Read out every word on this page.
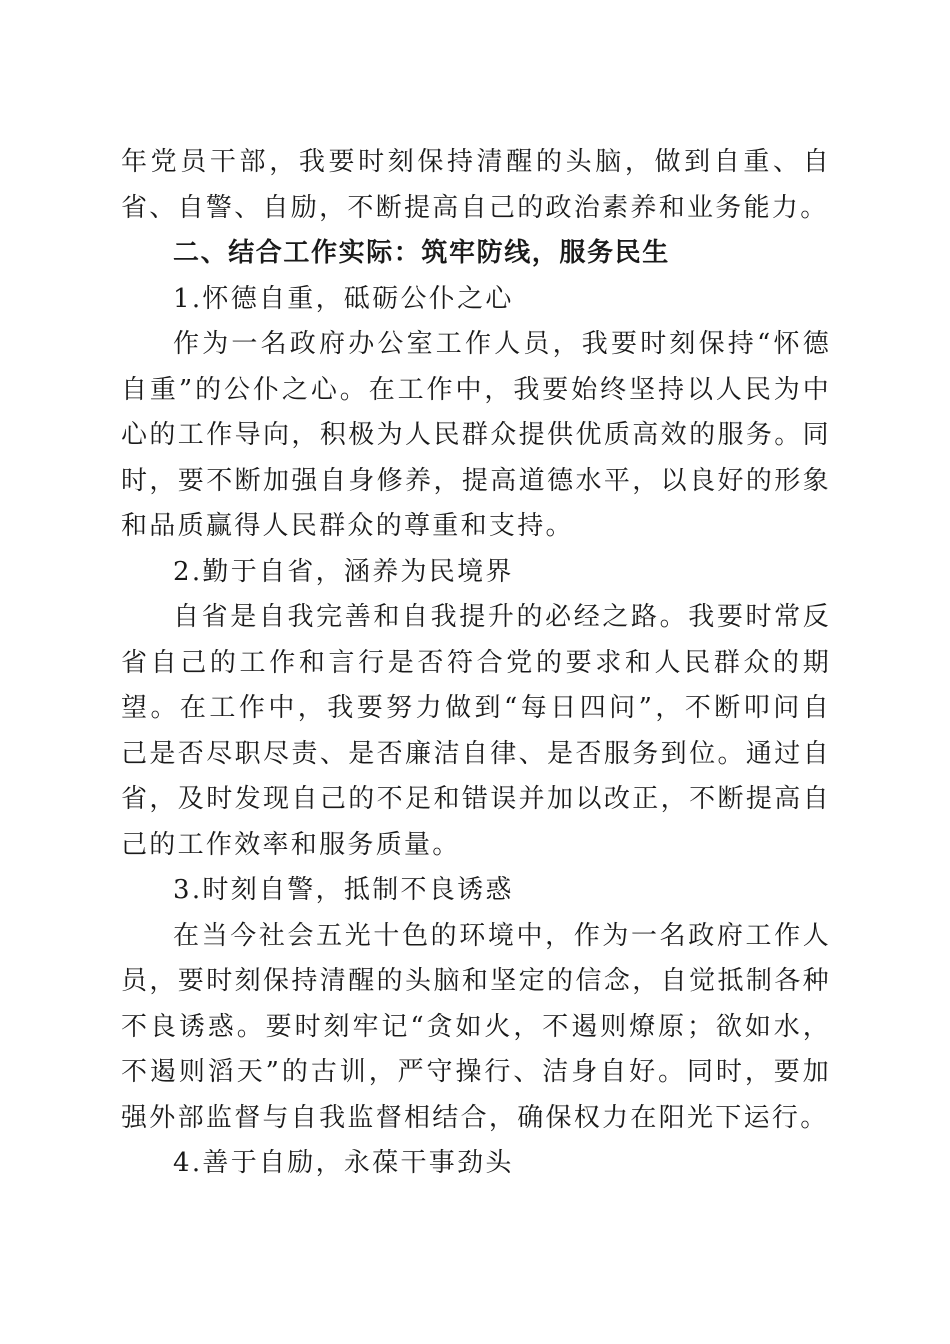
年党员干部，我要时刻保持清醒的头脑，做到自重、自省、自警、自励，不断提高自己的政治素养和业务能力。

二、结合工作实际：筑牢防线，服务民生

1.怀德自重，砥砺公仆之心

作为一名政府办公室工作人员，我要时刻保持“怀德自重”的公仆之心。在工作中，我要始终坚持以人民为中心的工作导向，积极为人民群众提供优质高效的服务。同时，要不断加强自身修养，提高道德水平，以良好的形象和品质赢得人民群众的尊重和支持。

2.勤于自省，涵养为民境界

自省是自我完善和自我提升的必经之路。我要时常反省自己的工作和言行是否符合党的要求和人民群众的期望。在工作中，我要努力做到“每日四问”，不断叩问自己是否尽职尽责、是否廉洁自律、是否服务到位。通过自省，及时发现自己的不足和错误并加以改正，不断提高自己的工作效率和服务质量。

3.时刻自警，抵制不良诱惑

在当今社会五光十色的环境中，作为一名政府工作人员，要时刻保持清醒的头脑和坚定的信念，自觉抵制各种不良诱惑。要时刻牢记“贪如火，不遏则燎原；欲如水，不遏则滔天”的古训，严守操行、洁身自好。同时，要加强外部监督与自我监督相结合，确保权力在阳光下运行。

4.善于自励，永葆干事劲头
